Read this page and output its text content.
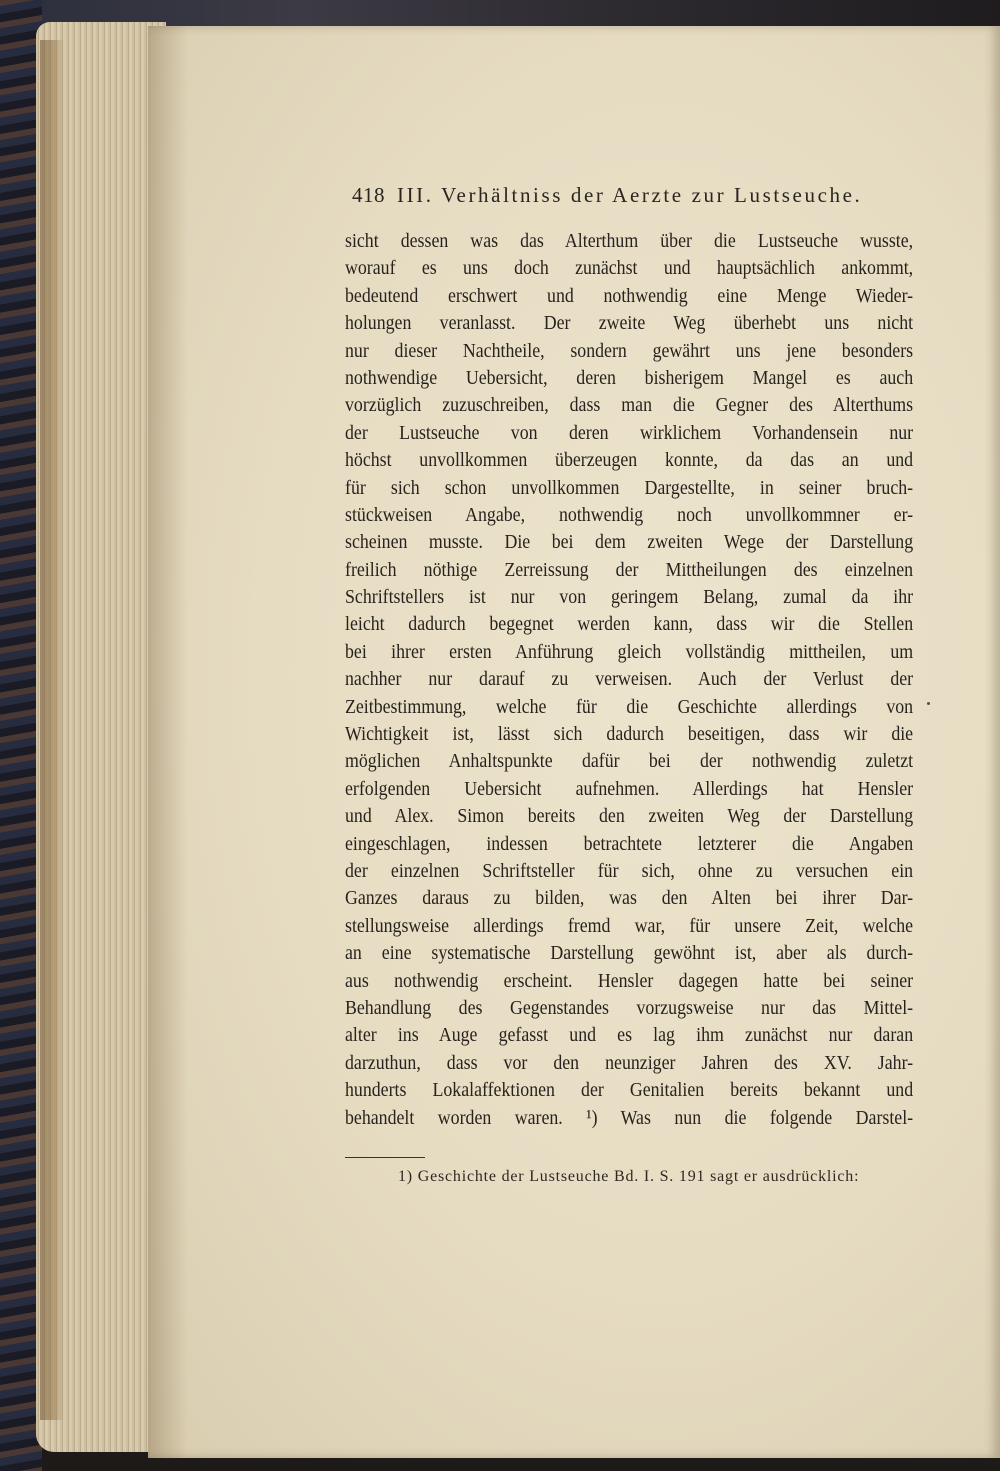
418 III. Verhältniss der Aerzte zur Lustseuche.
sicht dessen was das Alterthum über die Lustseuche wusste,
worauf es uns doch zunächst und hauptsächlich ankommt,
bedeutend erschwert und nothwendig eine Menge Wieder-
holungen veranlasst. Der zweite Weg überhebt uns nicht
nur dieser Nachtheile, sondern gewährt uns jene besonders
nothwendige Uebersicht, deren bisherigem Mangel es auch
vorzüglich zuzuschreiben, dass man die Gegner des Alterthums
der Lustseuche von deren wirklichem Vorhandensein nur
höchst unvollkommen überzeugen konnte, da das an und
für sich schon unvollkommen Dargestellte, in seiner bruch-
stückweisen Angabe, nothwendig noch unvollkommner er-
scheinen musste. Die bei dem zweiten Wege der Darstellung
freilich nöthige Zerreissung der Mittheilungen des einzelnen
Schriftstellers ist nur von geringem Belang, zumal da ihr
leicht dadurch begegnet werden kann, dass wir die Stellen
bei ihrer ersten Anführung gleich vollständig mittheilen, um
nachher nur darauf zu verweisen. Auch der Verlust der
Zeitbestimmung, welche für die Geschichte allerdings von
Wichtigkeit ist, lässt sich dadurch beseitigen, dass wir die
möglichen Anhaltspunkte dafür bei der nothwendig zuletzt
erfolgenden Uebersicht aufnehmen. Allerdings hat Hensler
und Alex. Simon bereits den zweiten Weg der Darstellung
eingeschlagen, indessen betrachtete letzterer die Angaben
der einzelnen Schriftsteller für sich, ohne zu versuchen ein
Ganzes daraus zu bilden, was den Alten bei ihrer Dar-
stellungsweise allerdings fremd war, für unsere Zeit, welche
an eine systematische Darstellung gewöhnt ist, aber als durch-
aus nothwendig erscheint. Hensler dagegen hatte bei seiner
Behandlung des Gegenstandes vorzugsweise nur das Mittel-
alter ins Auge gefasst und es lag ihm zunächst nur daran
darzuthun, dass vor den neunziger Jahren des XV. Jahr-
hunderts Lokalaffektionen der Genitalien bereits bekannt und
behandelt worden waren. ¹) Was nun die folgende Darstel-
1) Geschichte der Lustseuche Bd. I. S. 191 sagt er ausdrücklich:
